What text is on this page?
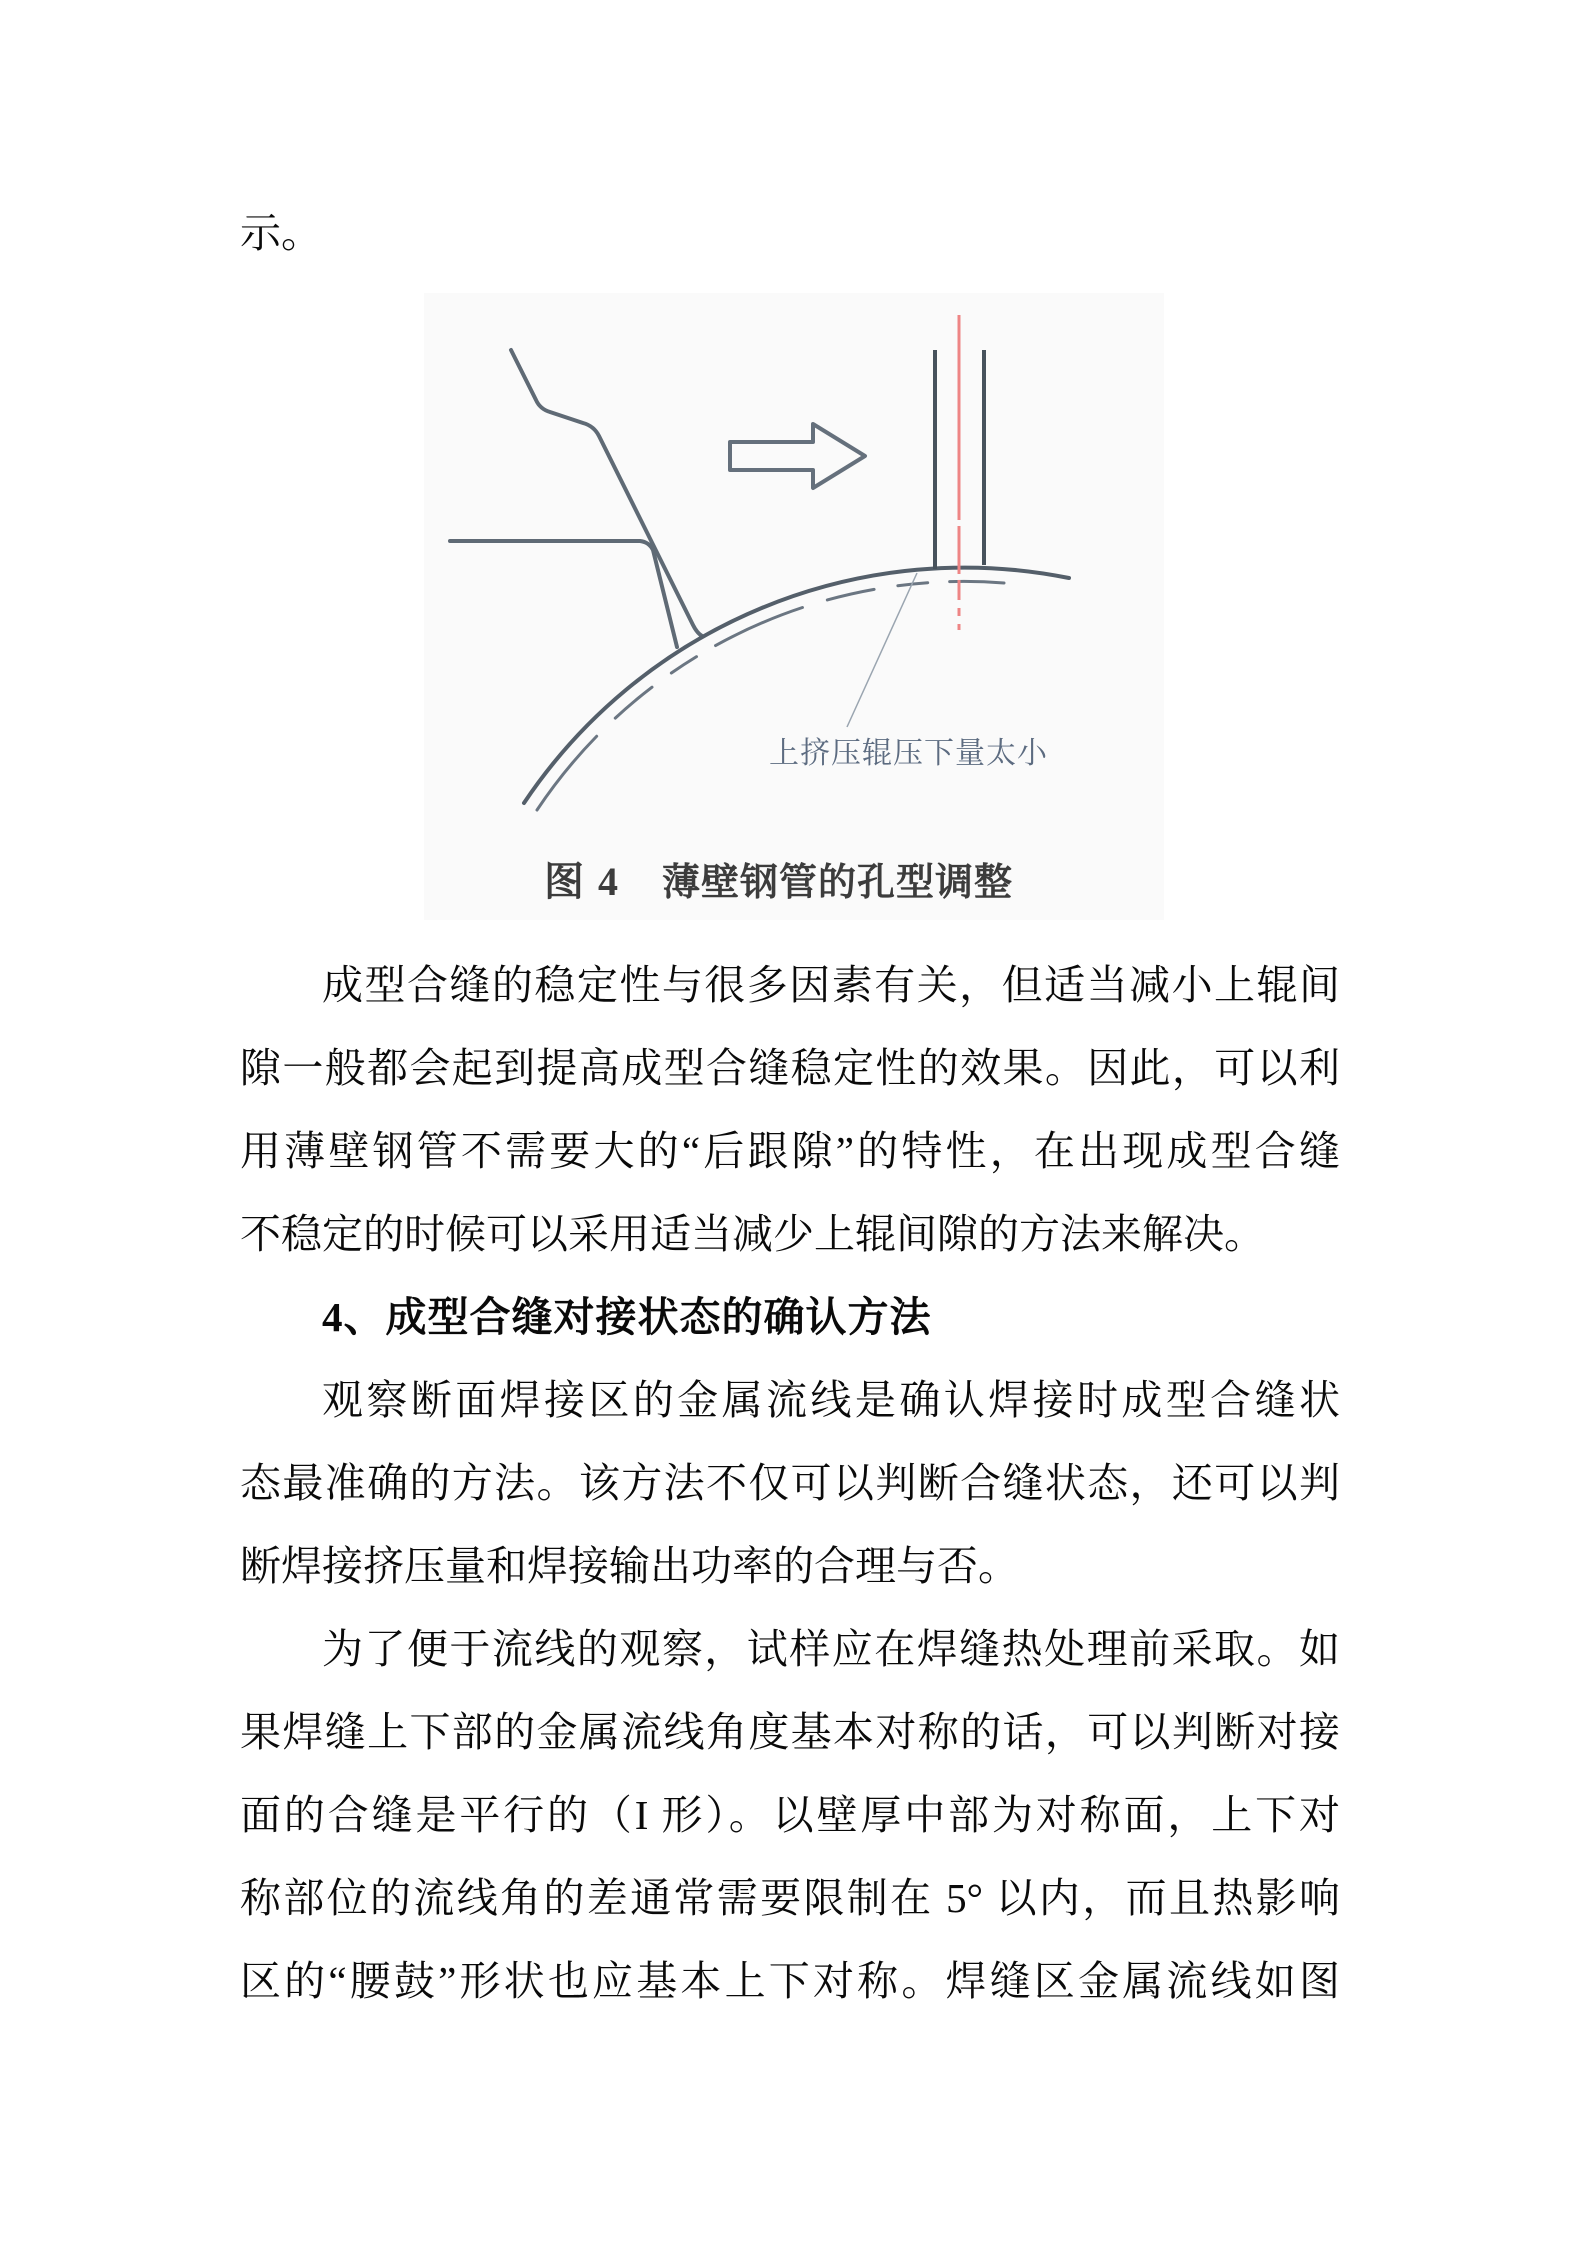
示。
上挤压辊压下量太小
图 4 薄壁钢管的孔型调整
成型合缝的稳定性与很多因素有关，但适当减小上辊间
隙一般都会起到提高成型合缝稳定性的效果。因此，可以利
用薄壁钢管不需要大的“后跟隙”的特性，在出现成型合缝
不稳定的时候可以采用适当减少上辊间隙的方法来解决。
4、成型合缝对接状态的确认方法
观察断面焊接区的金属流线是确认焊接时成型合缝状
态最准确的方法。该方法不仅可以判断合缝状态，还可以判
断焊接挤压量和焊接输出功率的合理与否。
为了便于流线的观察，试样应在焊缝热处理前采取。如
果焊缝上下部的金属流线角度基本对称的话，可以判断对接
面的合缝是平行的（I 形）。以壁厚中部为对称面，上下对
称部位的流线角的差通常需要限制在 5° 以内，而且热影响
区的“腰鼓”形状也应基本上下对称。焊缝区金属流线如图
